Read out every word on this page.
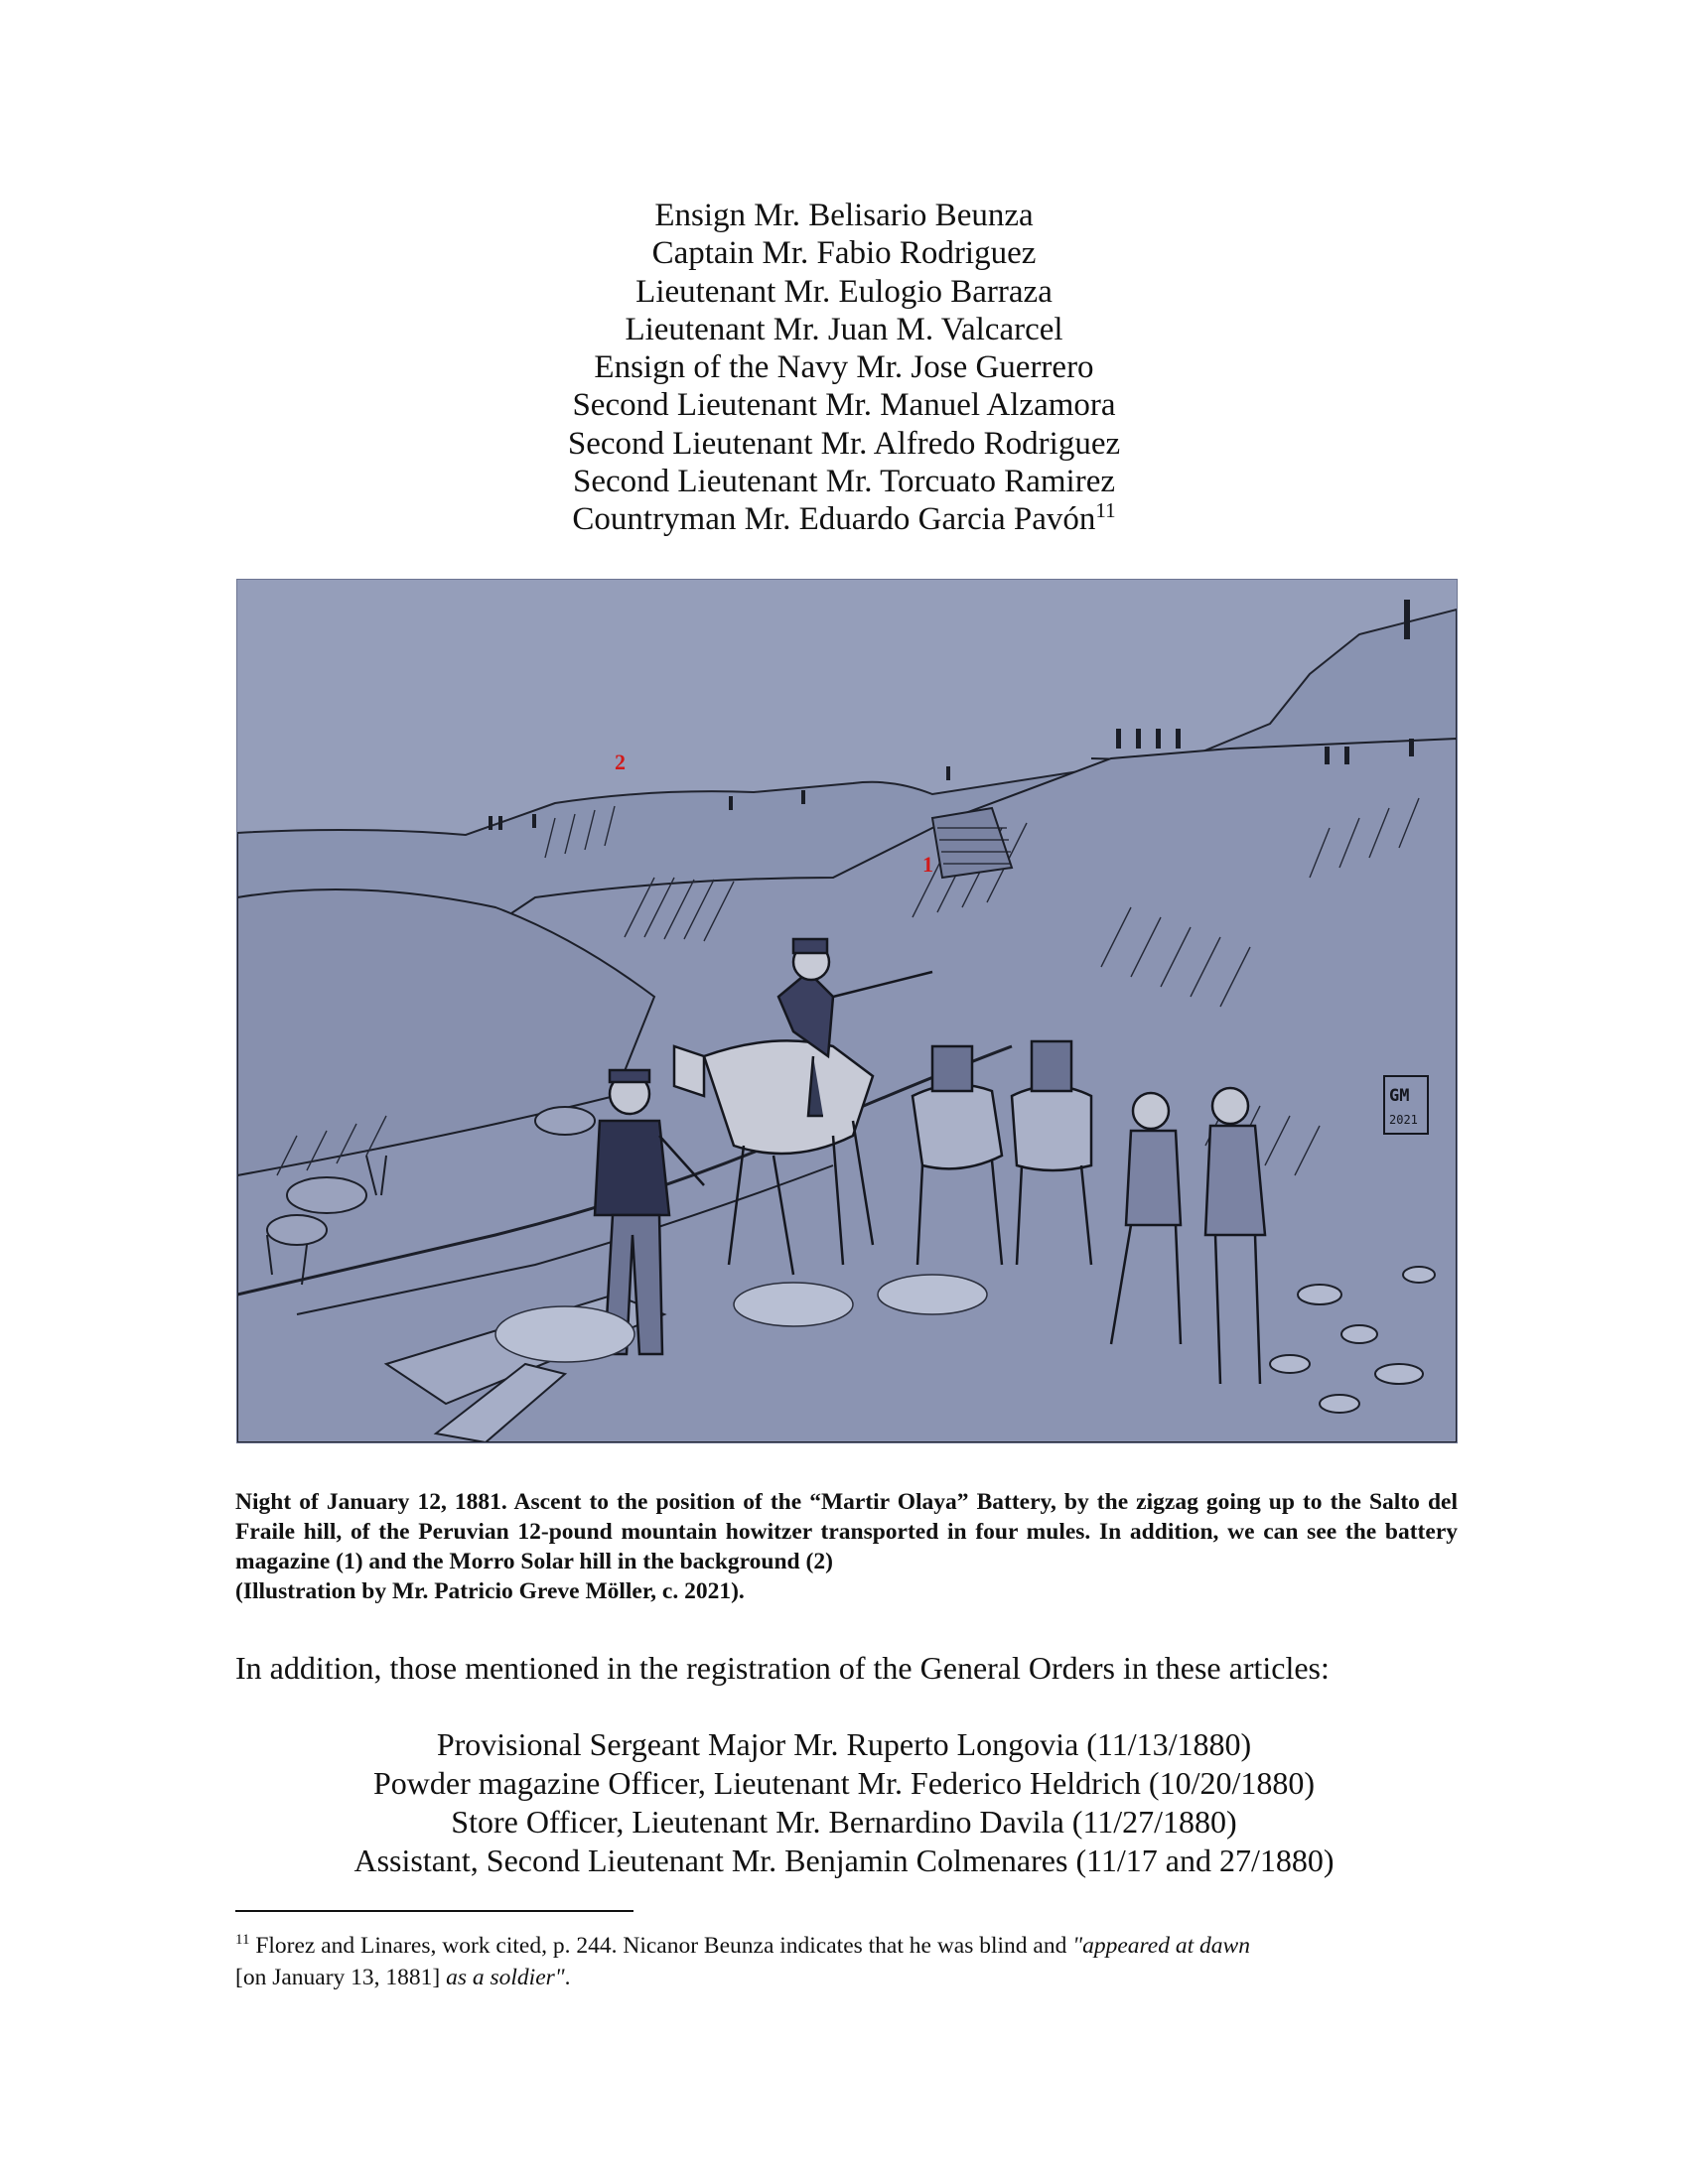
Ensign Mr. Belisario Beunza
Captain Mr. Fabio Rodriguez
Lieutenant Mr. Eulogio Barraza
Lieutenant Mr. Juan M. Valcarcel
Ensign of the Navy Mr. Jose Guerrero
Second Lieutenant Mr. Manuel Alzamora
Second Lieutenant Mr. Alfredo Rodriguez
Second Lieutenant Mr. Torcuato Ramirez
Countryman Mr. Eduardo Garcia Pavón$^{11}$
2
1
GM
2021
Night of January 12, 1881. Ascent to the position of the “Martir Olaya” Battery, by the zigzag going up to the Salto del Fraile hill, of the Peruvian 12-pound mountain howitzer transported in four mules. In addition, we can see the battery magazine (1) and the Morro Solar hill in the background (2)
(Illustration by Mr. Patricio Greve Möller, c. 2021).
In addition, those mentioned in the registration of the General Orders in these articles:
Provisional Sergeant Major Mr. Ruperto Longovia (11/13/1880)
Powder magazine Officer, Lieutenant Mr. Federico Heldrich (10/20/1880)
Store Officer, Lieutenant Mr. Bernardino Davila (11/27/1880)
Assistant, Second Lieutenant Mr. Benjamin Colmenares (11/17 and 27/1880)
$^{11}$ Florez and Linares, work cited, p. 244. Nicanor Beunza indicates that he was blind and "appeared at dawn
[on January 13, 1881] as a soldier".
